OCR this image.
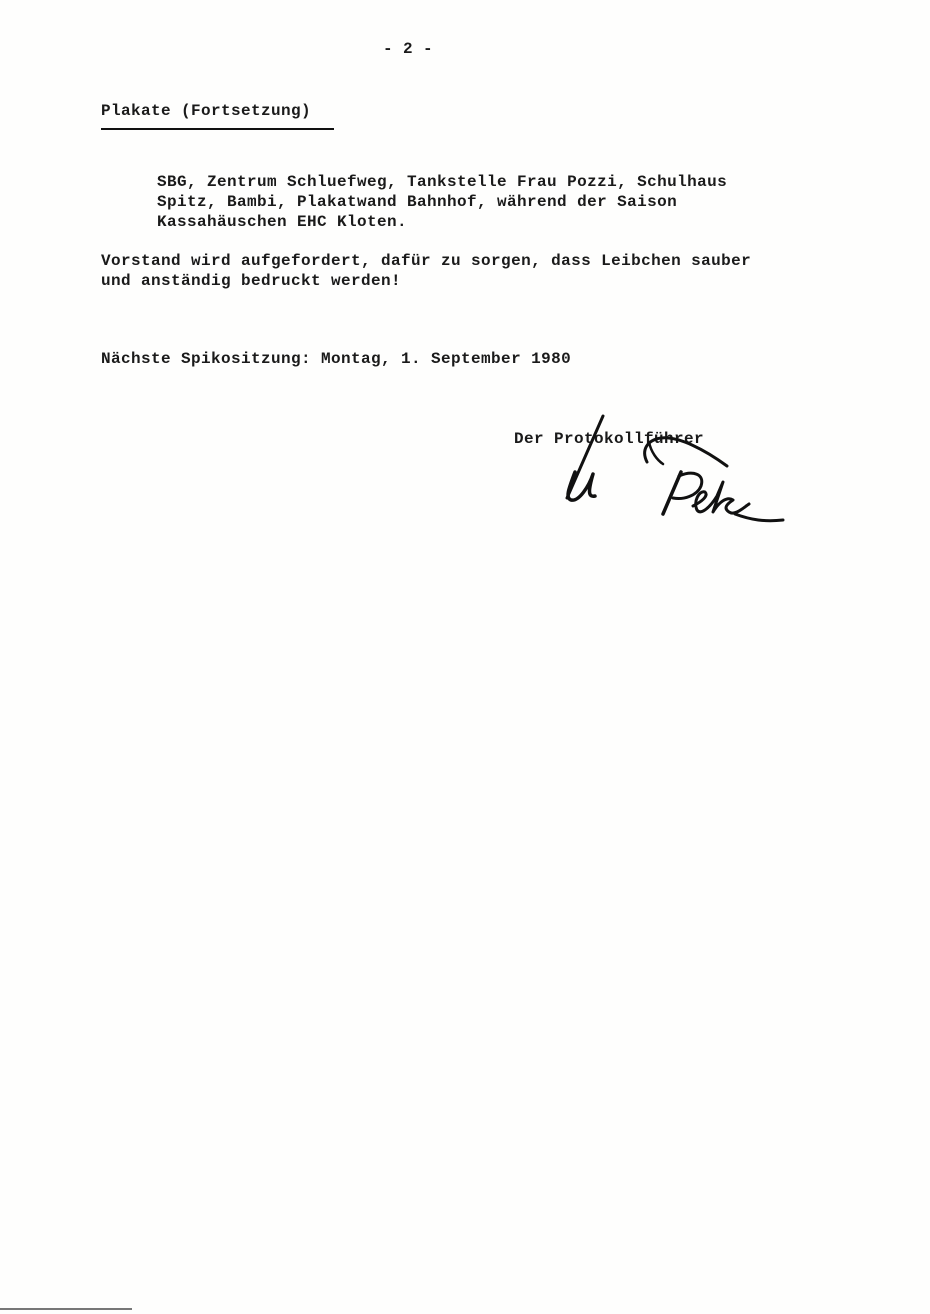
- 2 -
Plakate (Fortsetzung)
SBG, Zentrum Schluefweg, Tankstelle Frau Pozzi, Schulhaus
Spitz, Bambi, Plakatwand Bahnhof, während der Saison
Kassahäuschen EHC Kloten.
Vorstand wird aufgefordert, dafür zu sorgen, dass Leibchen sauber
und anständig bedruckt werden!
Nächste Spikositzung: Montag, 1. September 1980
Der Protokollführer
